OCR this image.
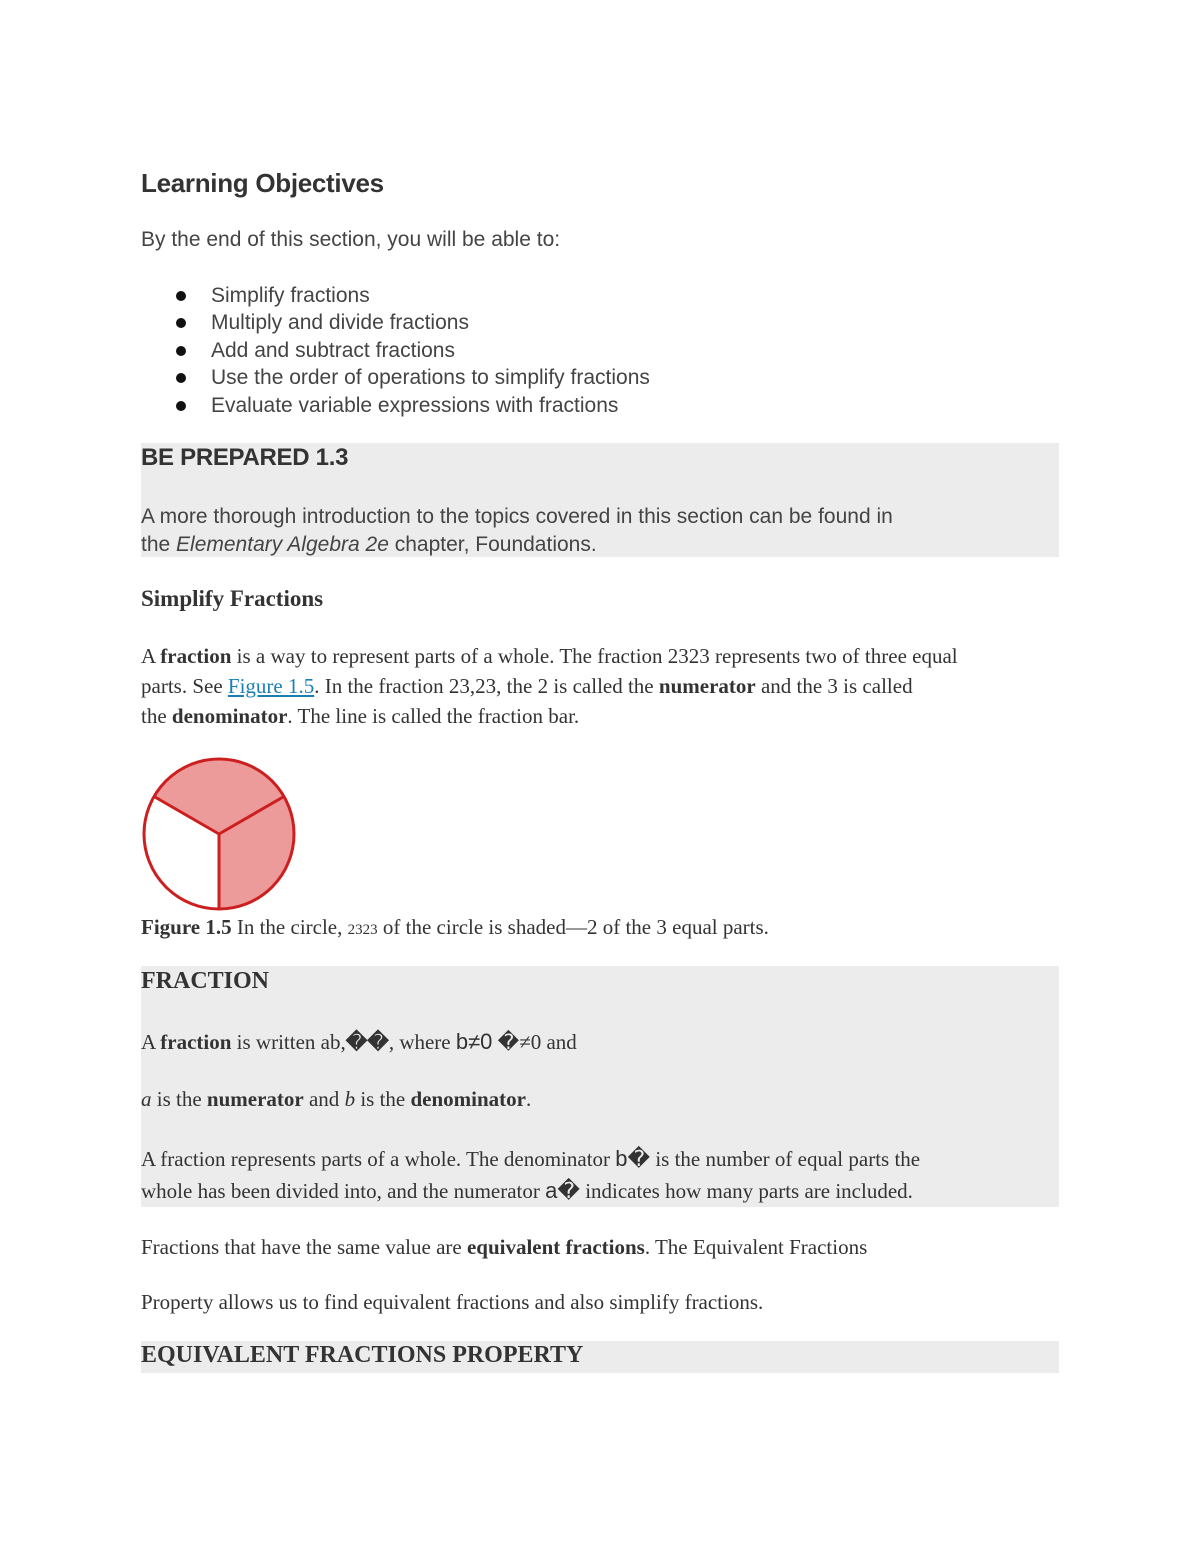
Learning Objectives

By the end of this section, you will be able to:

Simplify fractions
Multiply and divide fractions
Add and subtract fractions
Use the order of operations to simplify fractions
Evaluate variable expressions with fractions
BE PREPARED 1.3

A more thorough introduction to the topics covered in this section can be found in
the Elementary Algebra 2e chapter, Foundations.

Simplify Fractions

A fraction is a way to represent parts of a whole. The fraction 2323 represents two of three equal
parts. See Figure 1.5. In the fraction 23,23, the 2 is called the numerator and the 3 is called
the denominator. The line is called the fraction bar.

Figure 1.5 In the circle, 2323 of the circle is shaded—2 of the 3 equal parts.

FRACTION

A fraction is written ab,��, where b≠0 �≠0 and

a is the numerator and b is the denominator.

A fraction represents parts of a whole. The denominator b� is the number of equal parts the
whole has been divided into, and the numerator a� indicates how many parts are included.

Fractions that have the same value are equivalent fractions. The Equivalent Fractions

Property allows us to find equivalent fractions and also simplify fractions.

EQUIVALENT FRACTIONS PROPERTY
